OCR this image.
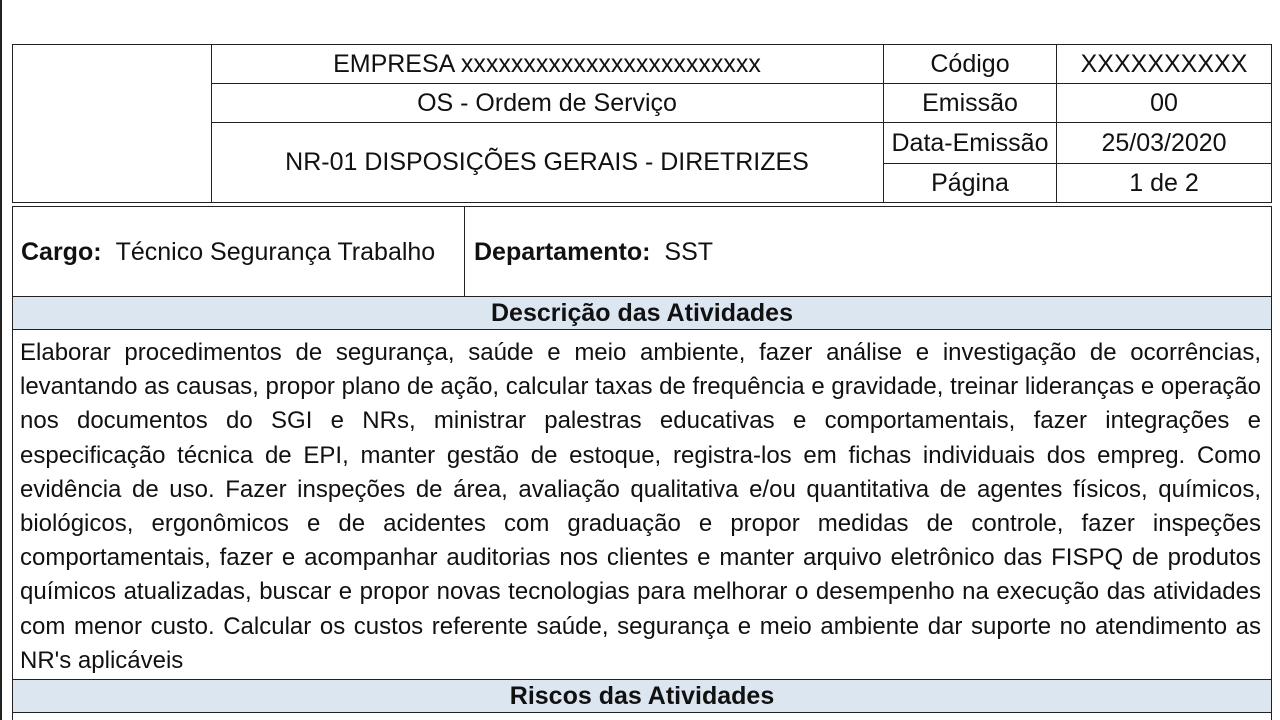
EMPRESA xxxxxxxxxxxxxxxxxxxxxxxx
OS - Ordem de Serviço
NR-01 DISPOSIÇÕES GERAIS - DIRETRIZES
Código	XXXXXXXXXX
Emissão	00
Data-Emissão	25/03/2020
Página	1 de 2
Cargo: Técnico Segurança Trabalho Departamento: SST
Descrição das Atividades
Elaborar procedimentos de segurança, saúde e meio ambiente, fazer análise e investigação de ocorrências, levantando as causas, propor plano de ação, calcular taxas de frequência e gravidade, treinar lideranças e operação nos documentos do SGI e NRs, ministrar palestras educativas e comportamentais, fazer integrações e especificação técnica de EPI, manter gestão de estoque, registra-los em fichas individuais dos empreg. Como evidência de uso. Fazer inspeções de área, avaliação qualitativa e/ou quantitativa de agentes físicos, químicos, biológicos, ergonômicos e de acidentes com graduação e propor medidas de controle, fazer inspeções comportamentais, fazer e acompanhar auditorias nos clientes e manter arquivo eletrônico das FISPQ de produtos químicos atualizadas, buscar e propor novas tecnologias para melhorar o desempenho na execução das atividades com menor custo. Calcular os custos referente saúde, segurança e meio ambiente dar suporte no atendimento as NR's aplicáveis
Riscos das Atividades
